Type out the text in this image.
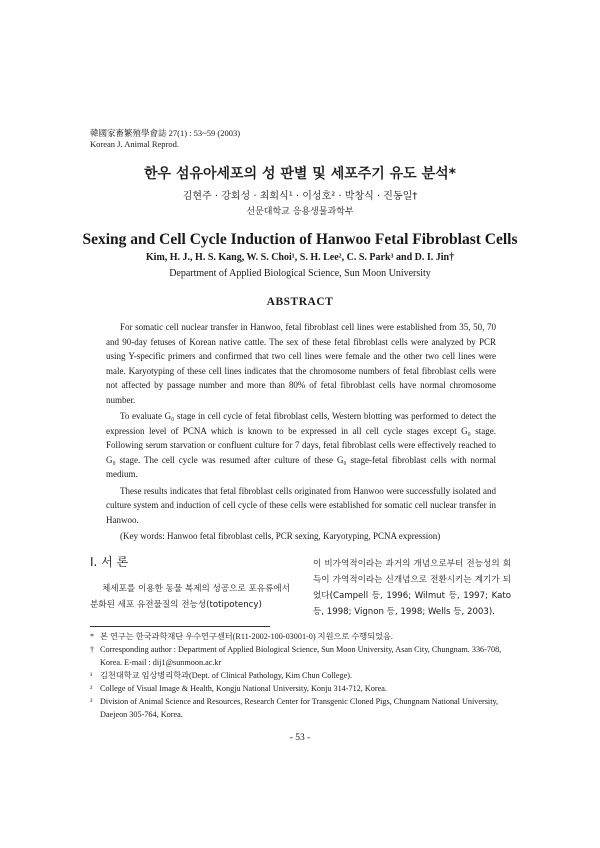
韓國家畜繁殖學會誌 27(1) : 53~59 (2003)
Korean J. Animal Reprod.
한우 섬유아세포의 성 판별 및 세포주기 유도 분석*
김현주 · 강회성 · 최회식¹ · 이성호² · 박창식 · 진동일†
선문대학교 응용생물과학부
Sexing and Cell Cycle Induction of Hanwoo Fetal Fibroblast Cells
Kim, H. J., H. S. Kang, W. S. Choi¹, S. H. Lee², C. S. Park³ and D. I. Jin†
Department of Applied Biological Science, Sun Moon University
ABSTRACT

For somatic cell nuclear transfer in Hanwoo, fetal fibroblast cell lines were established from 35, 50, 70 and 90-day fetuses of Korean native cattle. The sex of these fetal fibroblast cells were analyzed by PCR using Y-specific primers and confirmed that two cell lines were female and the other two cell lines were male. Karyotyping of these cell lines indicates that the chromosome numbers of fetal fibroblast cells were not affected by passage number and more than 80% of fetal fibroblast cells have normal chromosome number.

To evaluate G₀ stage in cell cycle of fetal fibroblast cells, Western blotting was performed to detect the expression level of PCNA which is known to be expressed in all cell cycle stages except G₀ stage. Following serum starvation or confluent culture for 7 days, fetal fibroblast cells were effectively reached to G₀ stage. The cell cycle was resumed after culture of these G₀ stage-fetal fibroblast cells with normal medium.

These results indicates that fetal fibroblast cells originated from Hanwoo were successfully isolated and culture system and induction of cell cycle of these cells were established for somatic cell nuclear transfer in Hanwoo.

(Key words: Hanwoo fetal fibroblast cells, PCR sexing, Karyotyping, PCNA expression)

I. 서 론

체세포를 이용한 동물 복제의 성공으로 포유류에서 분화된 세포 유전물질의 전능성(totipotency)

이 비가역적이라는 과거의 개념으로부터 전능성의 회득이 가역적이라는 신개념으로 전환시키는 계기가 되었다(Campell 등, 1996; Wilmut 등, 1997; Kato 등, 1998; Vignon 등, 1998; Wells 등, 2003).

* 본 연구는 한국과학재단 우수연구센터(R11-2002-100-03001-0) 지원으로 수행되었음.
† Corresponding author : Department of Applied Biological Science, Sun Moon University, Asan City, Chungnam. 336-708, Korea. E-mail : dij1@sunmoon.ac.kr
¹ 김천대학교 임상병리학과(Dept. of Clinical Pathology, Kim Chun College).
² College of Visual Image & Health, Kongju National University, Konju 314-712, Korea.
³ Division of Animal Science and Resources, Research Center for Transgenic Cloned Pigs, Chungnam National University, Daejeon 305-764, Korea.
- 53 -
